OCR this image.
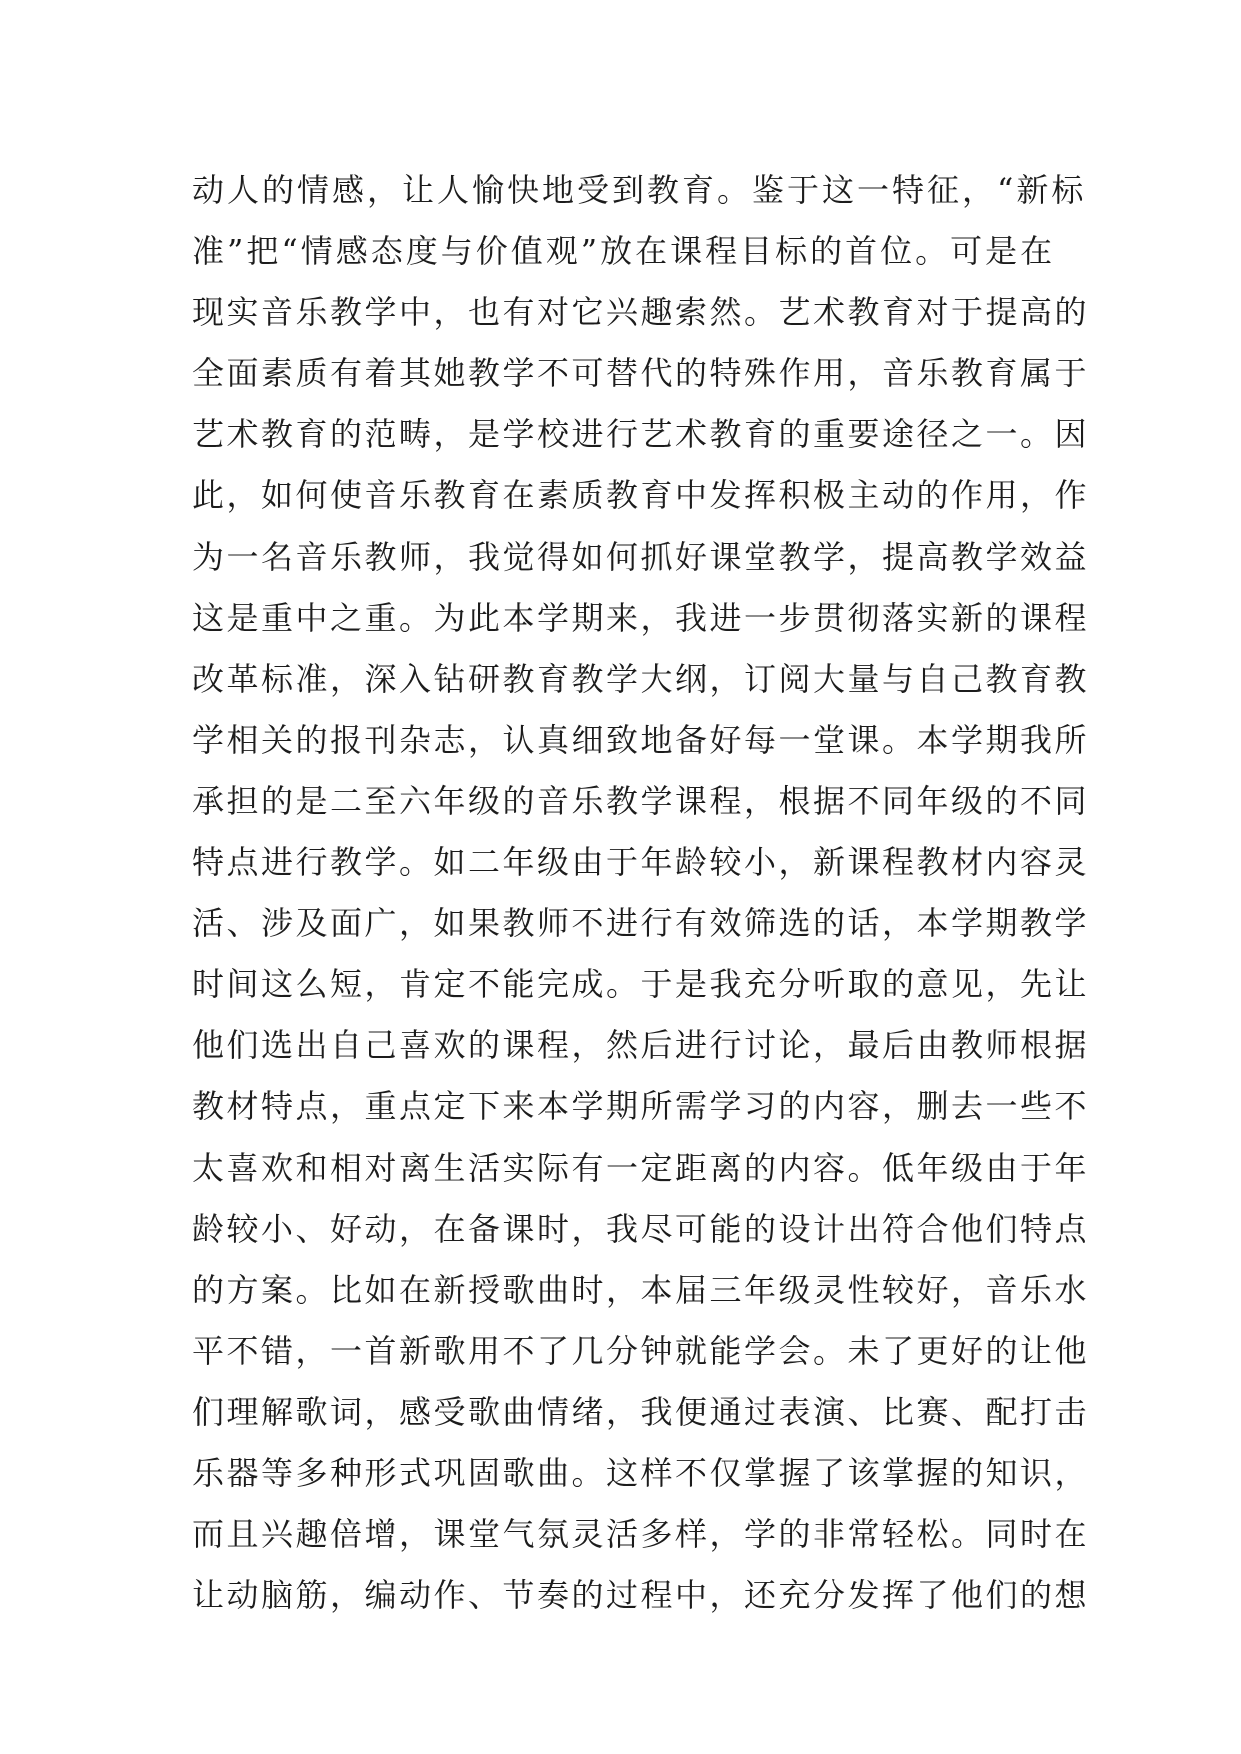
动人的情感，让人愉快地受到教育。鉴于这一特征，“新标
准”把“情感态度与价值观”放在课程目标的首位。可是在
现实音乐教学中，也有对它兴趣索然。艺术教育对于提高的
全面素质有着其她教学不可替代的特殊作用，音乐教育属于
艺术教育的范畴，是学校进行艺术教育的重要途径之一。因
此，如何使音乐教育在素质教育中发挥积极主动的作用，作
为一名音乐教师，我觉得如何抓好课堂教学，提高教学效益
这是重中之重。为此本学期来，我进一步贯彻落实新的课程
改革标准，深入钻研教育教学大纲，订阅大量与自己教育教
学相关的报刊杂志，认真细致地备好每一堂课。本学期我所
承担的是二至六年级的音乐教学课程，根据不同年级的不同
特点进行教学。如二年级由于年龄较小，新课程教材内容灵
活、涉及面广，如果教师不进行有效筛选的话，本学期教学
时间这么短，肯定不能完成。于是我充分听取的意见，先让
他们选出自己喜欢的课程，然后进行讨论，最后由教师根据
教材特点，重点定下来本学期所需学习的内容，删去一些不
太喜欢和相对离生活实际有一定距离的内容。低年级由于年
龄较小、好动，在备课时，我尽可能的设计出符合他们特点
的方案。比如在新授歌曲时，本届三年级灵性较好，音乐水
平不错，一首新歌用不了几分钟就能学会。未了更好的让他
们理解歌词，感受歌曲情绪，我便通过表演、比赛、配打击
乐器等多种形式巩固歌曲。这样不仅掌握了该掌握的知识，
而且兴趣倍增，课堂气氛灵活多样，学的非常轻松。同时在
让动脑筋，编动作、节奏的过程中，还充分发挥了他们的想
